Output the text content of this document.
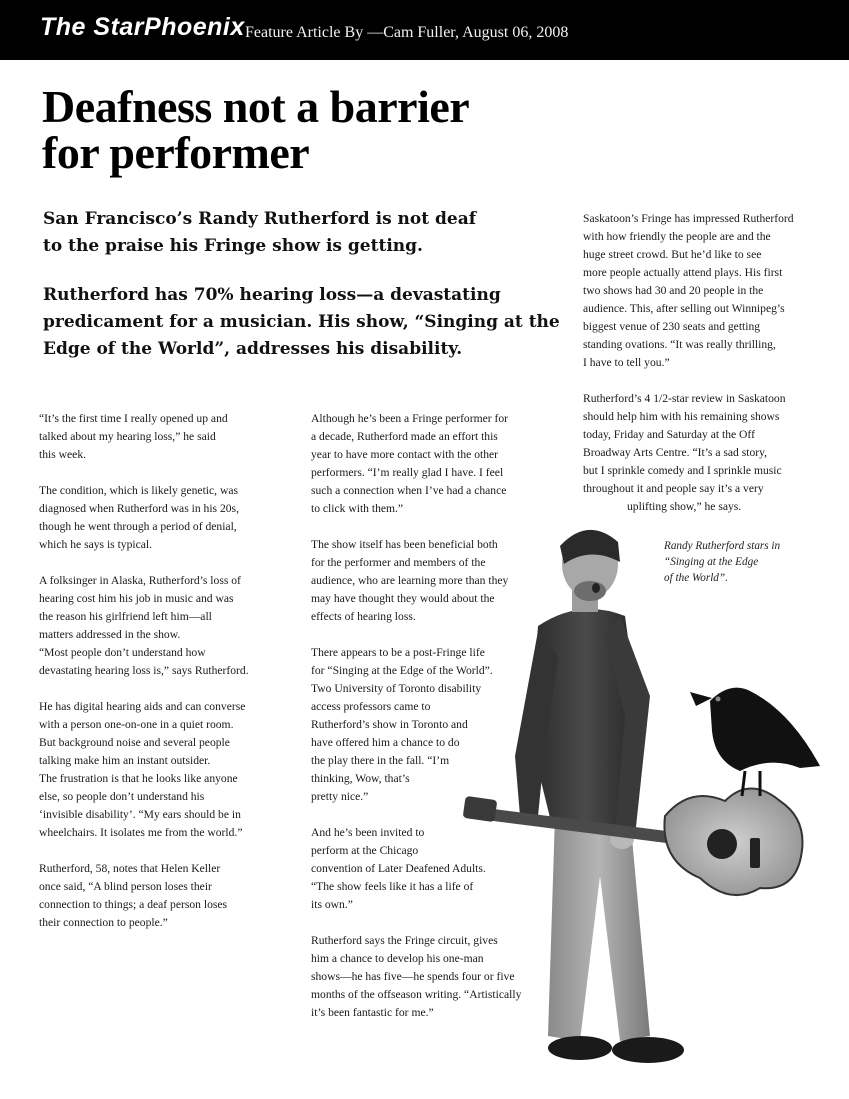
The StarPhoenix Feature Article By —Cam Fuller, August 06, 2008
Deafness not a barrier
for performer
San Francisco’s Randy Rutherford is not deaf
to the praise his Fringe show is getting.
Rutherford has 70% hearing loss—a devastating
predicament for a musician. His show, “Singing at the
Edge of the World”, addresses his disability.
“It’s the first time I really opened up and
talked about my hearing loss,” he said
this week.
The condition, which is likely genetic, was
diagnosed when Rutherford was in his 20s,
though he went through a period of denial,
which he says is typical.
A folksinger in Alaska, Rutherford’s loss of
hearing cost him his job in music and was
the reason his girlfriend left him—all
matters addressed in the show.
“Most people don’t understand how
devastating hearing loss is,” says Rutherford.
He has digital hearing aids and can converse
with a person one-on-one in a quiet room.
But background noise and several people
talking make him an instant outsider.
The frustration is that he looks like anyone
else, so people don’t understand his
‘invisible disability’. “My ears should be in
wheelchairs. It isolates me from the world.”
Rutherford, 58, notes that Helen Keller
once said, “A blind person loses their
connection to things; a deaf person loses
their connection to people.”
Although he’s been a Fringe performer for
a decade, Rutherford made an effort this
year to have more contact with the other
performers. “I’m really glad I have. I feel
such a connection when I’ve had a chance
to click with them.”
The show itself has been beneficial both
for the performer and members of the
audience, who are learning more than they
may have thought they would about the
effects of hearing loss.
There appears to be a post-Fringe life
for “Singing at the Edge of the World”.
Two University of Toronto disability
access professors came to
Rutherford’s show in Toronto and
have offered him a chance to do
the play there in the fall. “I’m
thinking, Wow, that’s
pretty nice.”
And he’s been invited to
perform at the Chicago
convention of Later Deafened Adults.
“The show feels like it has a life of
its own.”
Rutherford says the Fringe circuit, gives
him a chance to develop his one-man
shows—he has five—he spends four or five
months of the offseason writing. “Artistically
it’s been fantastic for me.”
Saskatoon’s Fringe has impressed Rutherford
with how friendly the people are and the
huge street crowd. But he’d like to see
more people actually attend plays. His first
two shows had 30 and 20 people in the
audience. This, after selling out Winnipeg’s
biggest venue of 230 seats and getting
standing ovations. “It was really thrilling,
I have to tell you.”
Rutherford’s 4 1/2-star review in Saskatoon
should help him with his remaining shows
today, Friday and Saturday at the Off
Broadway Arts Centre. “It’s a sad story,
but I sprinkle comedy and I sprinkle music
throughout it and people say it’s a very
uplifting show,” he says.
Randy Rutherford stars in
“Singing at the Edge
of the World”.
